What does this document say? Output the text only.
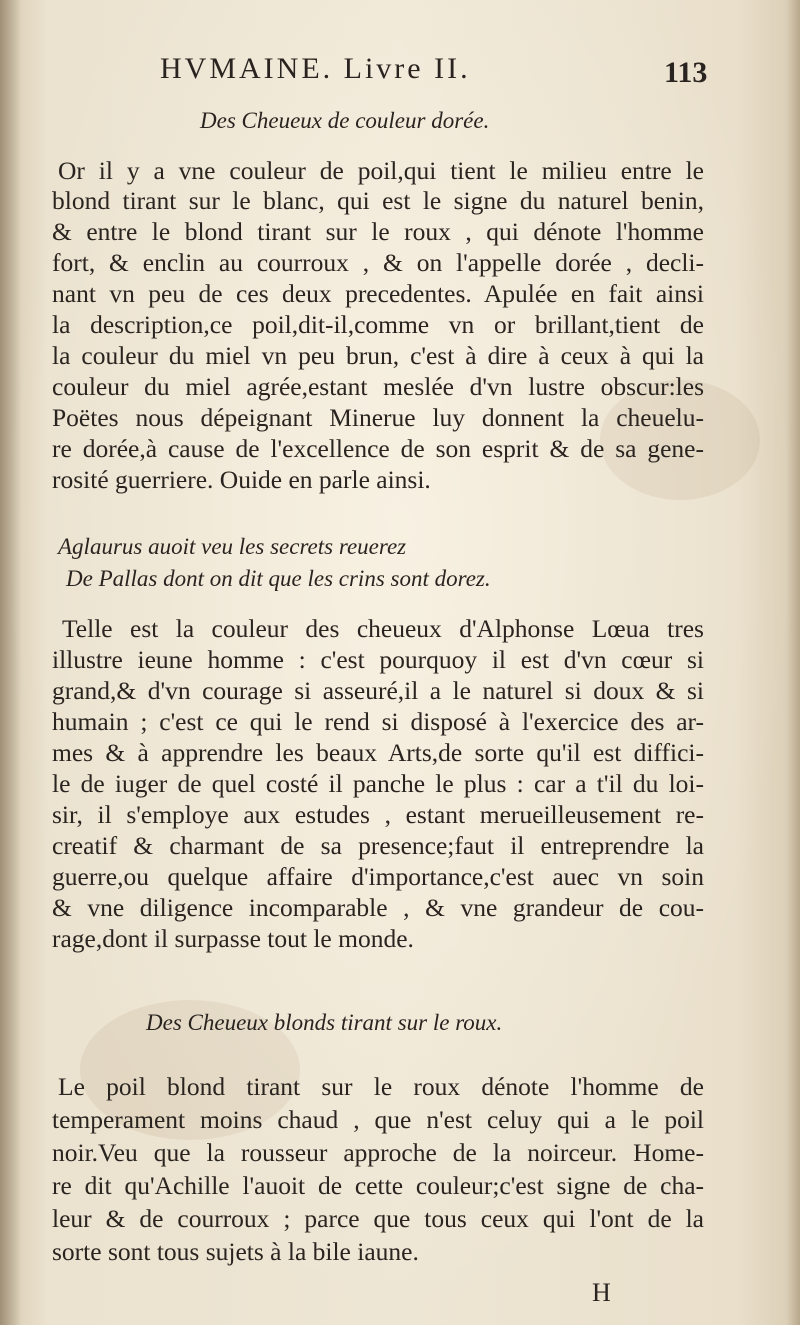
HVMAINE. Livre II.	113
Des Cheueux de couleur dorée.
Or il y a vne couleur de poil,qui tient le milieu entre le
blond tirant sur le blanc, qui est le signe du naturel benin,
& entre le blond tirant sur le roux , qui dénote l'homme
fort, & enclin au courroux , & on l'appelle dorée , decli-
nant vn peu de ces deux precedentes. Apulée en fait ainsi
la description,ce poil,dit-il,comme vn or brillant,tient de
la couleur du miel vn peu brun, c'est à dire à ceux à qui la
couleur du miel agrée,estant meslée d'vn lustre obscur:les
Poëtes nous dépeignant Minerue luy donnent la cheuelu-
re dorée,à cause de l'excellence de son esprit & de sa gene-
rosité guerriere. Ouide en parle ainsi.
Aglaurus auoit veu les secrets reuerez
De Pallas dont on dit que les crins sont dorez.
Telle est la couleur des cheueux d'Alphonse Lœua tres
illustre ieune homme : c'est pourquoy il est d'vn cœur si
grand,& d'vn courage si asseuré,il a le naturel si doux & si
humain ; c'est ce qui le rend si disposé à l'exercice des ar-
mes & à apprendre les beaux Arts,de sorte qu'il est diffici-
le de iuger de quel costé il panche le plus : car a t'il du loi-
sir, il s'employe aux estudes , estant merueilleusement re-
creatif & charmant de sa presence;faut il entreprendre la
guerre,ou quelque affaire d'importance,c'est auec vn soin
& vne diligence incomparable , & vne grandeur de cou-
rage,dont il surpasse tout le monde.
Des Cheueux blonds tirant sur le roux.
Le poil blond tirant sur le roux dénote l'homme de
temperament moins chaud , que n'est celuy qui a le poil
noir.Veu que la rousseur approche de la noirceur. Home-
re dit qu'Achille l'auoit de cette couleur;c'est signe de cha-
leur & de courroux ; parce que tous ceux qui l'ont de la
sorte sont tous sujets à la bile iaune.
H
